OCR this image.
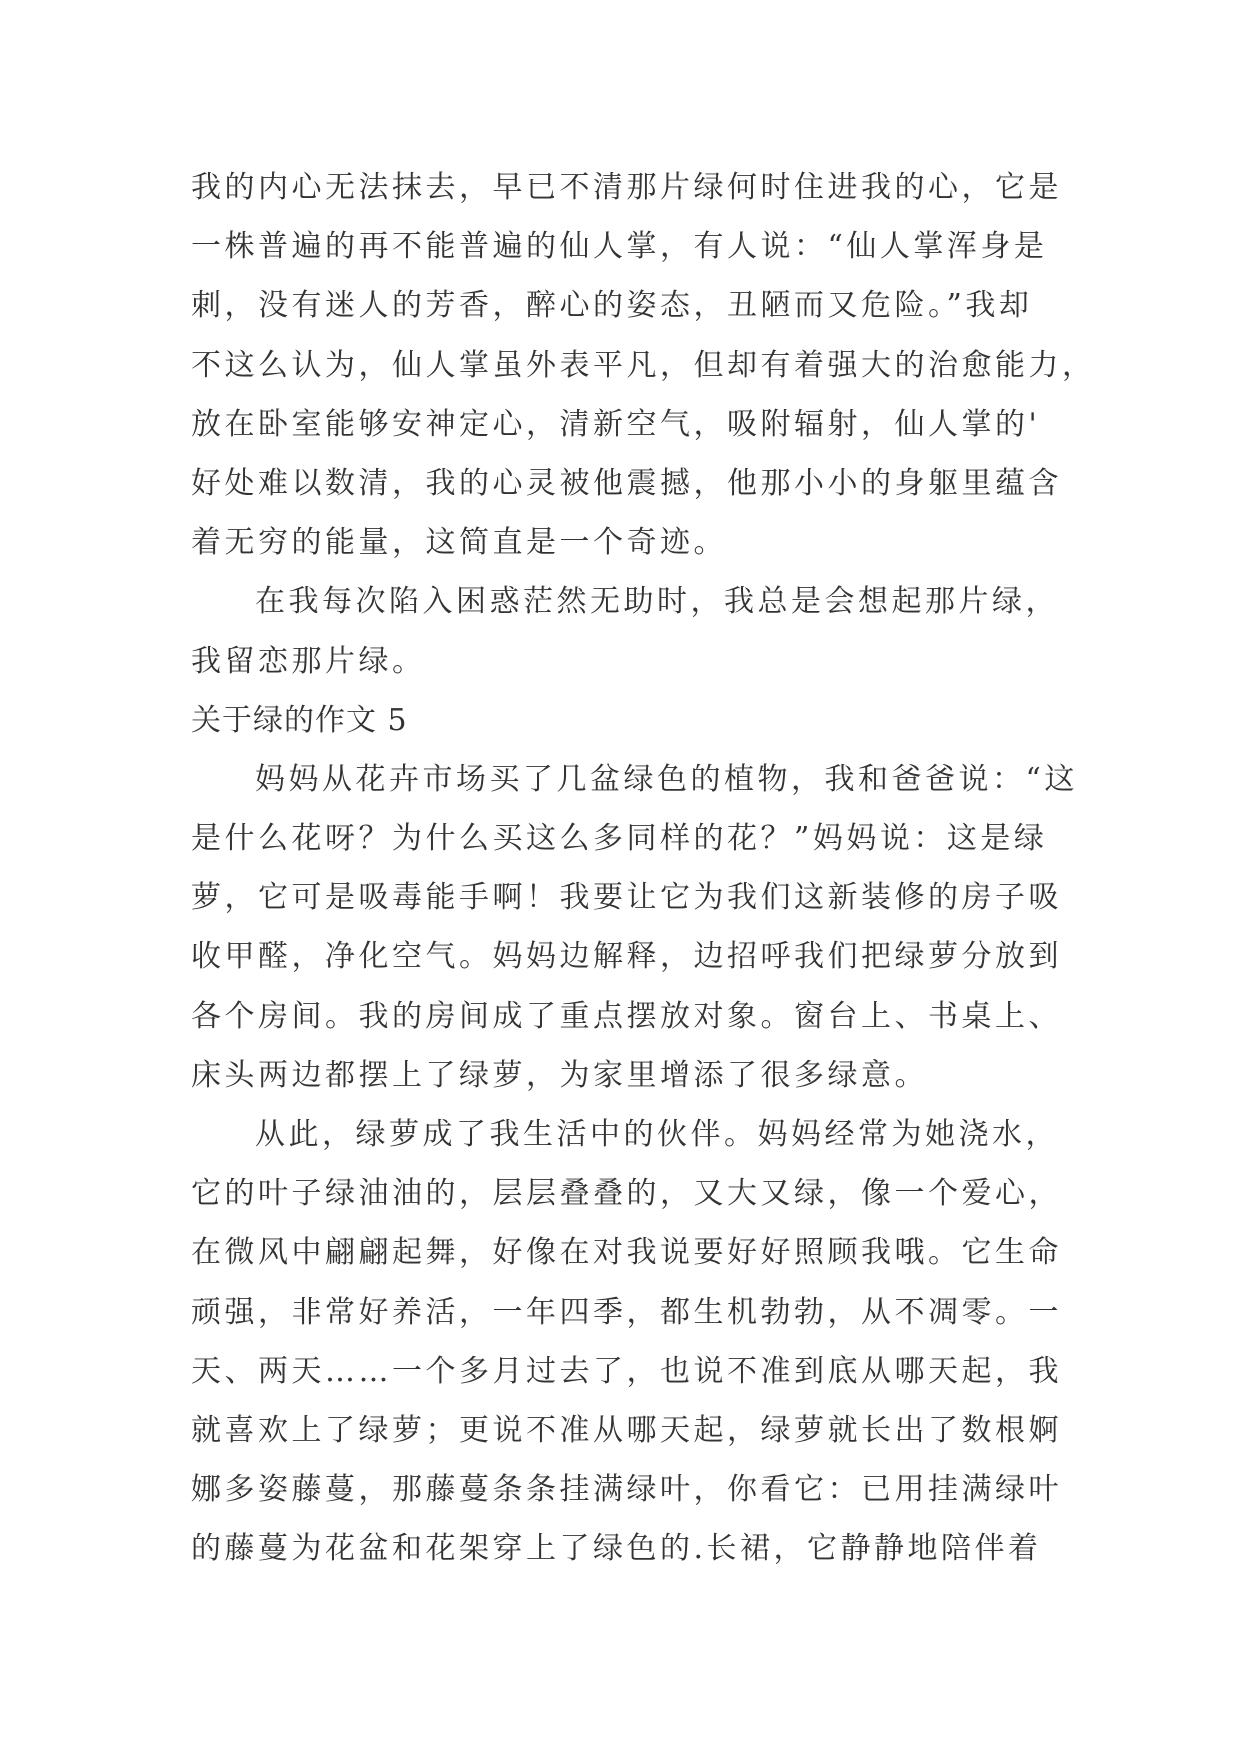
我的内心无法抹去，早已不清那片绿何时住进我的心，它是
一株普遍的再不能普遍的仙人掌，有人说：“仙人掌浑身是
刺，没有迷人的芳香，醉心的姿态，丑陋而又危险。”我却
不这么认为，仙人掌虽外表平凡，但却有着强大的治愈能力，
放在卧室能够安神定心，清新空气，吸附辐射，仙人掌的'
好处难以数清，我的心灵被他震撼，他那小小的身躯里蕴含
着无穷的能量，这简直是一个奇迹。
在我每次陷入困惑茫然无助时，我总是会想起那片绿，
我留恋那片绿。
关于绿的作文 5
妈妈从花卉市场买了几盆绿色的植物，我和爸爸说：“这
是什么花呀？为什么买这么多同样的花？”妈妈说：这是绿
萝，它可是吸毒能手啊！我要让它为我们这新装修的房子吸
收甲醛，净化空气。妈妈边解释，边招呼我们把绿萝分放到
各个房间。我的房间成了重点摆放对象。窗台上、书桌上、
床头两边都摆上了绿萝，为家里增添了很多绿意。
从此，绿萝成了我生活中的伙伴。妈妈经常为她浇水，
它的叶子绿油油的，层层叠叠的，又大又绿，像一个爱心，
在微风中翩翩起舞，好像在对我说要好好照顾我哦。它生命
顽强，非常好养活，一年四季，都生机勃勃，从不凋零。一
天、两天……一个多月过去了，也说不准到底从哪天起，我
就喜欢上了绿萝；更说不准从哪天起，绿萝就长出了数根婀
娜多姿藤蔓，那藤蔓条条挂满绿叶，你看它：已用挂满绿叶
的藤蔓为花盆和花架穿上了绿色的.长裙，它静静地陪伴着
